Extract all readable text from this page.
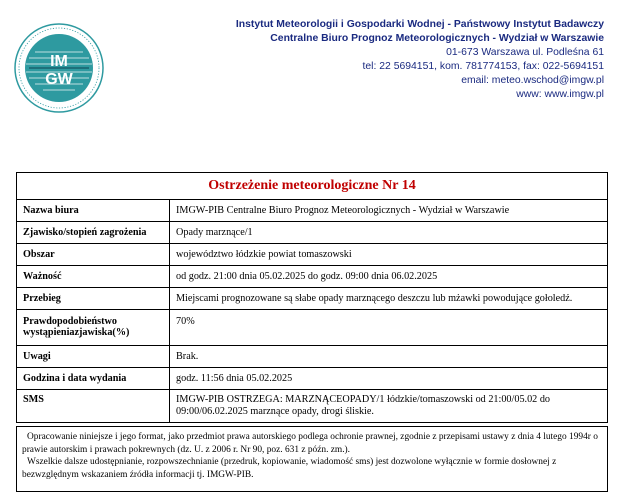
IM
GW
Instytut Meteorologii i Gospodarki Wodnej - Państwowy Instytut Badawczy
Centralne Biuro Prognoz Meteorologicznych - Wydział w Warszawie
01-673 Warszawa ul. Podleśna 61
tel: 22 5694151, kom. 781774153, fax: 022-5694151
email: meteo.wschod@imgw.pl
www: www.imgw.pl
Ostrzeżenie meteorologiczne Nr 14	
Nazwa biura	IMGW-PIB Centralne Biuro Prognoz Meteorologicznych - Wydział w Warszawie
Zjawisko/stopień zagrożenia	Opady marznące/1
Obszar	województwo łódzkie powiat tomaszowski
Ważność	od godz. 21:00 dnia 05.02.2025 do godz. 09:00 dnia 06.02.2025
Przebieg	Miejscami prognozowane są słabe opady marznącego deszczu lub mżawki powodujące gołoledź.
Prawdopodobieństwo wystąpieniazjawiska(%)	70%
Uwagi	Brak.
Godzina i data wydania	godz. 11:56 dnia 05.02.2025
SMS	IMGW-PIB OSTRZEGA: MARZNĄCEOPADY/1 łódzkie/tomaszowski od 21:00/05.02 do 09:00/06.02.2025 marznące opady, drogi śliskie.

Opracowanie niniejsze i jego format, jako przedmiot prawa autorskiego podlega ochronie prawnej, zgodnie z przepisami ustawy z dnia 4 lutego 1994r o prawie autorskim i prawach pokrewnych (dz. U. z 2006 r. Nr 90, poz. 631 z późn. zm.).

Wszelkie dalsze udostępnianie, rozpowszechnianie (przedruk, kopiowanie, wiadomość sms) jest dozwolone wyłącznie w formie dosłownej z bezwzględnym wskazaniem źródła informacji tj. IMGW-PIB.
